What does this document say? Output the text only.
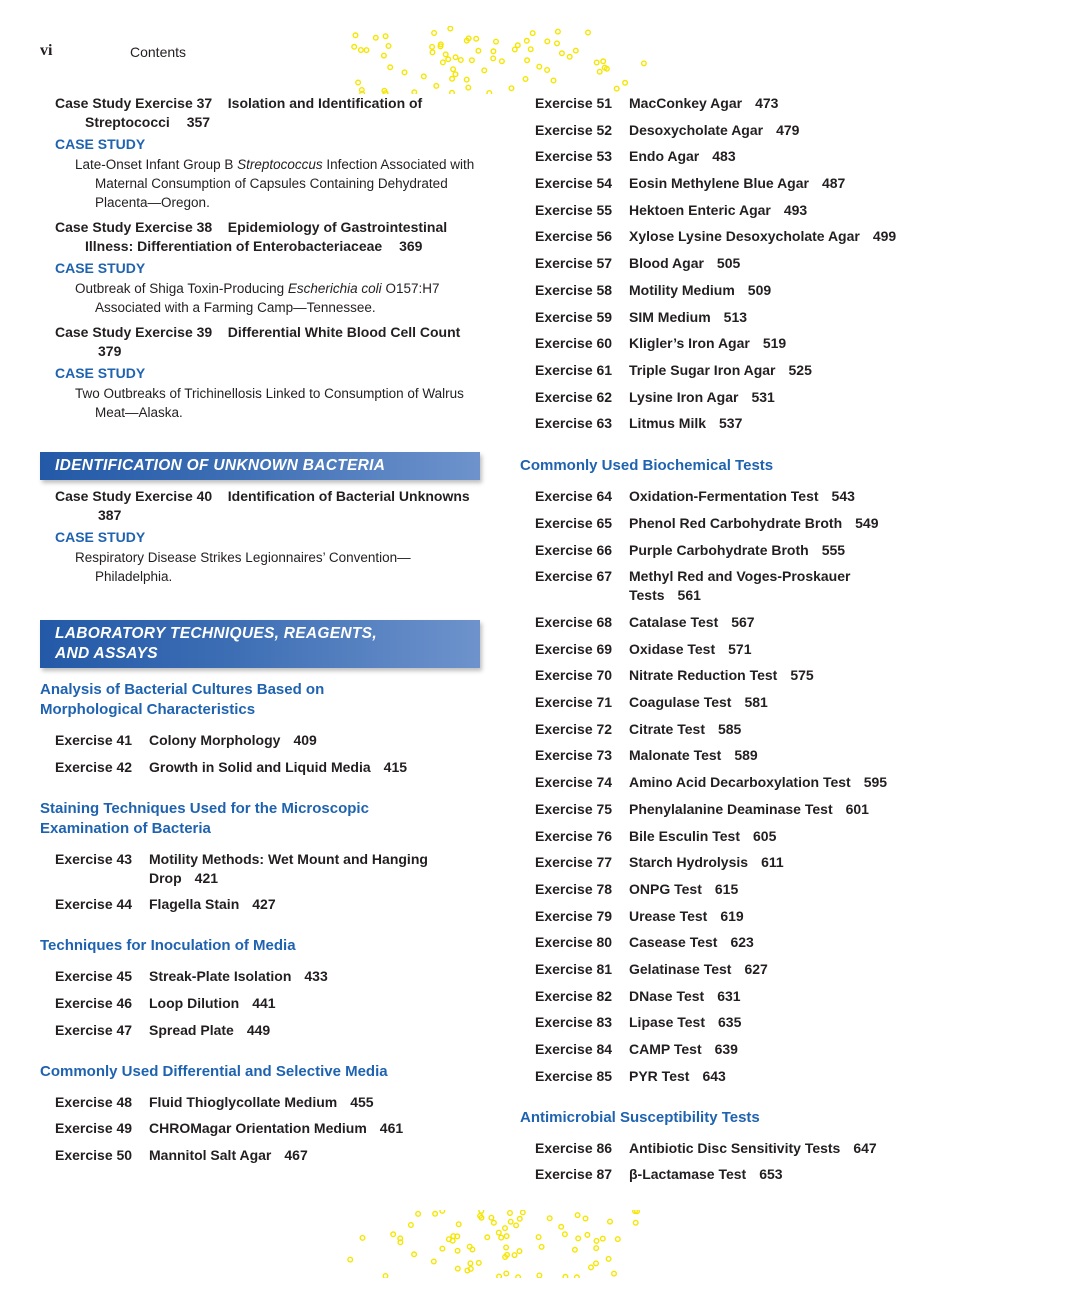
vi	Contents
Case Study Exercise 37 Isolation and Identification of Streptococci 357
CASE STUDY
Late-Onset Infant Group B Streptococcus Infection Associated with Maternal Consumption of Capsules Containing Dehydrated Placenta—Oregon.
Case Study Exercise 38 Epidemiology of Gastrointestinal Illness: Differentiation of Enterobacteriaceae 369
CASE STUDY
Outbreak of Shiga Toxin-Producing Escherichia coli O157:H7 Associated with a Farming Camp—Tennessee.
Case Study Exercise 39 Differential White Blood Cell Count 379
CASE STUDY
Two Outbreaks of Trichinellosis Linked to Consumption of Walrus Meat—Alaska.
IDENTIFICATION OF UNKNOWN BACTERIA
Case Study Exercise 40 Identification of Bacterial Unknowns 387
CASE STUDY
Respiratory Disease Strikes Legionnaires’ Convention—Philadelphia.
LABORATORY TECHNIQUES, REAGENTS, AND ASSAYS
Analysis of Bacterial Cultures Based on Morphological Characteristics
Exercise 41 Colony Morphology 409
Exercise 42 Growth in Solid and Liquid Media 415
Staining Techniques Used for the Microscopic Examination of Bacteria
Exercise 43 Motility Methods: Wet Mount and Hanging Drop 421
Exercise 44 Flagella Stain 427
Techniques for Inoculation of Media
Exercise 45 Streak-Plate Isolation 433
Exercise 46 Loop Dilution 441
Exercise 47 Spread Plate 449
Commonly Used Differential and Selective Media
Exercise 48 Fluid Thioglycollate Medium 455
Exercise 49 CHROMagar Orientation Medium 461
Exercise 50 Mannitol Salt Agar 467
Exercise 51 MacConkey Agar 473
Exercise 52 Desoxycholate Agar 479
Exercise 53 Endo Agar 483
Exercise 54 Eosin Methylene Blue Agar 487
Exercise 55 Hektoen Enteric Agar 493
Exercise 56 Xylose Lysine Desoxycholate Agar 499
Exercise 57 Blood Agar 505
Exercise 58 Motility Medium 509
Exercise 59 SIM Medium 513
Exercise 60 Kligler’s Iron Agar 519
Exercise 61 Triple Sugar Iron Agar 525
Exercise 62 Lysine Iron Agar 531
Exercise 63 Litmus Milk 537
Commonly Used Biochemical Tests
Exercise 64 Oxidation-Fermentation Test 543
Exercise 65 Phenol Red Carbohydrate Broth 549
Exercise 66 Purple Carbohydrate Broth 555
Exercise 67 Methyl Red and Voges-Proskauer Tests 561
Exercise 68 Catalase Test 567
Exercise 69 Oxidase Test 571
Exercise 70 Nitrate Reduction Test 575
Exercise 71 Coagulase Test 581
Exercise 72 Citrate Test 585
Exercise 73 Malonate Test 589
Exercise 74 Amino Acid Decarboxylation Test 595
Exercise 75 Phenylalanine Deaminase Test 601
Exercise 76 Bile Esculin Test 605
Exercise 77 Starch Hydrolysis 611
Exercise 78 ONPG Test 615
Exercise 79 Urease Test 619
Exercise 80 Casease Test 623
Exercise 81 Gelatinase Test 627
Exercise 82 DNase Test 631
Exercise 83 Lipase Test 635
Exercise 84 CAMP Test 639
Exercise 85 PYR Test 643
Antimicrobial Susceptibility Tests
Exercise 86 Antibiotic Disc Sensitivity Tests 647
Exercise 87 β-Lactamase Test 653
